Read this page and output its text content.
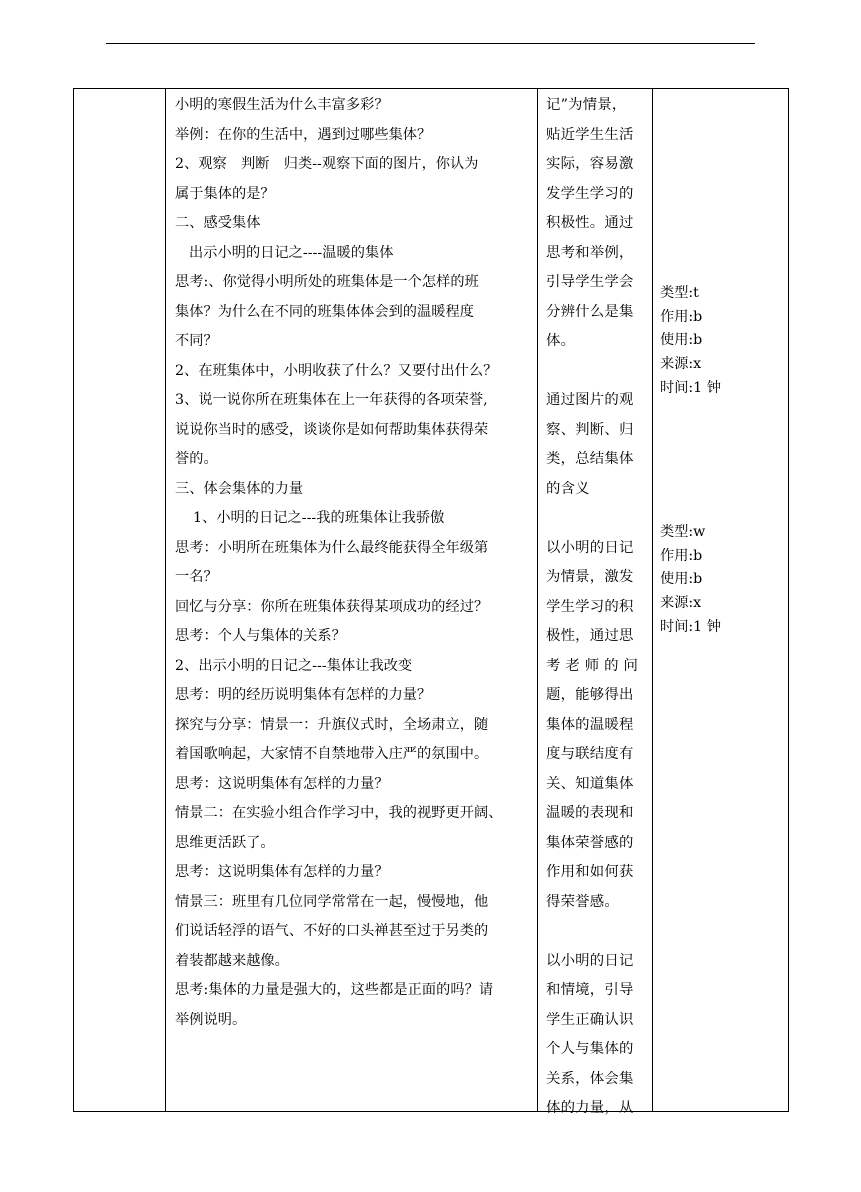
小明的寒假生活为什么丰富多彩？
举例：在你的生活中，遇到过哪些集体？
2、观察　判断　归类--观察下面的图片，你认为
属于集体的是？
二、感受集体
出示小明的日记之----温暖的集体
思考:、你觉得小明所处的班集体是一个怎样的班
集体？为什么在不同的班集体体会到的温暖程度
不同？
2、在班集体中，小明收获了什么？又要付出什么？
3、说一说你所在班集体在上一年获得的各项荣誉,
说说你当时的感受，谈谈你是如何帮助集体获得荣
誉的。
三、体会集体的力量
1、小明的日记之---我的班集体让我骄傲
思考：小明所在班集体为什么最终能获得全年级第
一名？
回忆与分享：你所在班集体获得某项成功的经过？
思考：个人与集体的关系？
2、出示小明的日记之---集体让我改变
思考：明的经历说明集体有怎样的力量？
探究与分享：情景一：升旗仪式时，全场肃立，随
着国歌响起，大家情不自禁地带入庄严的氛围中。
思考：这说明集体有怎样的力量？
情景二：在实验小组合作学习中，我的视野更开阔、
思维更活跃了。
思考：这说明集体有怎样的力量？
情景三：班里有几位同学常常在一起，慢慢地，他
们说话轻浮的语气、不好的口头禅甚至过于另类的
着装都越来越像。
思考:集体的力量是强大的，这些都是正面的吗？请
举例说明。
记”为情景，
贴近学生生活
实际，容易激
发学生学习的
积极性。通过
思考和举例，
引导学生学会
分辨什么是集
体。
通过图片的观
察、判断、归
类，总结集体
的含义
以小明的日记
为情景，激发
学生学习的积
极性，通过思
考 老 师 的 问
题，能够得出
集体的温暖程
度与联结度有
关、知道集体
温暖的表现和
集体荣誉感的
作用和如何获
得荣誉感。
以小明的日记
和情境，引导
学生正确认识
个人与集体的
关系，体会集
体的力量，从
类型:t
作用:b
使用:b
来源:x
时间:1 钟
类型:w
作用:b
使用:b
来源:x
时间:1 钟
